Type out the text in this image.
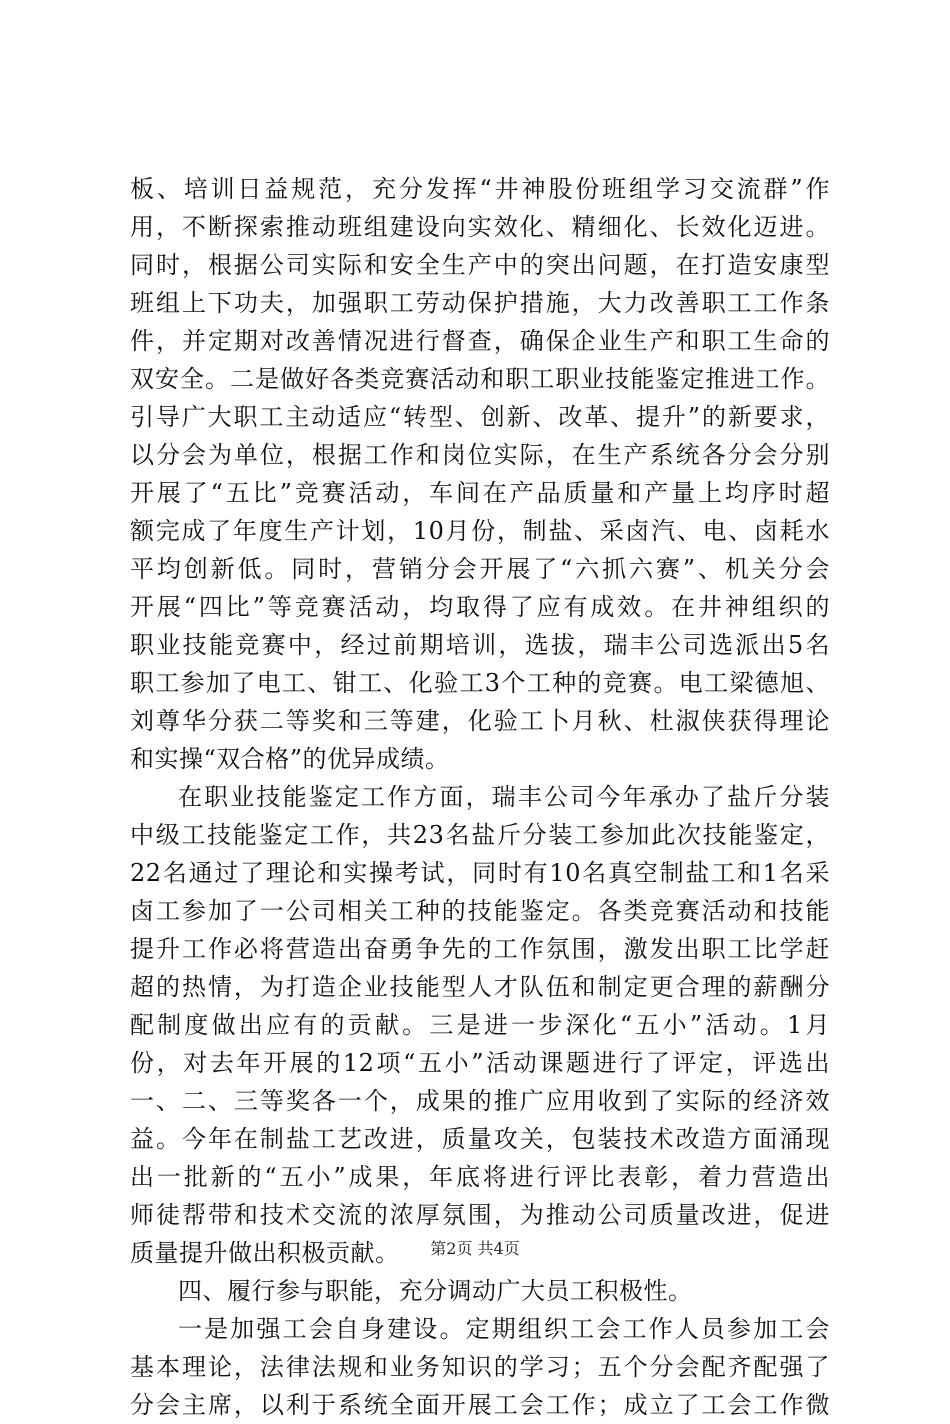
板、培训日益规范，充分发挥“井神股份班组学习交流群”作
用，不断探索推动班组建设向实效化、精细化、长效化迈进。
同时，根据公司实际和安全生产中的突出问题，在打造安康型
班组上下功夫，加强职工劳动保护措施，大力改善职工工作条
件，并定期对改善情况进行督查，确保企业生产和职工生命的
双安全。二是做好各类竞赛活动和职工职业技能鉴定推进工作。
引导广大职工主动适应“转型、创新、改革、提升”的新要求，
以分会为单位，根据工作和岗位实际，在生产系统各分会分别
开展了“五比”竞赛活动，车间在产品质量和产量上均序时超
额完成了年度生产计划，10月份，制盐、采卤汽、电、卤耗水
平均创新低。同时，营销分会开展了“六抓六赛”、机关分会
开展“四比”等竞赛活动，均取得了应有成效。在井神组织的
职业技能竞赛中，经过前期培训，选拔，瑞丰公司选派出5名
职工参加了电工、钳工、化验工3个工种的竞赛。电工梁德旭、
刘尊华分获二等奖和三等建，化验工卜月秋、杜淑侠获得理论
和实操“双合格”的优异成绩。
在职业技能鉴定工作方面，瑞丰公司今年承办了盐斤分装
中级工技能鉴定工作，共23名盐斤分装工参加此次技能鉴定，
22名通过了理论和实操考试，同时有10名真空制盐工和1名采
卤工参加了一公司相关工种的技能鉴定。各类竞赛活动和技能
提升工作必将营造出奋勇争先的工作氛围，激发出职工比学赶
超的热情，为打造企业技能型人才队伍和制定更合理的薪酬分
配制度做出应有的贡献。三是进一步深化“五小”活动。1月
份，对去年开展的12项“五小”活动课题进行了评定，评选出
一、二、三等奖各一个，成果的推广应用收到了实际的经济效
益。今年在制盐工艺改进，质量攻关，包装技术改造方面涌现
出一批新的“五小”成果，年底将进行评比表彰，着力营造出
师徒帮带和技术交流的浓厚氛围，为推动公司质量改进，促进
质量提升做出积极贡献。
四、履行参与职能，充分调动广大员工积极性。
一是加强工会自身建设。定期组织工会工作人员参加工会
基本理论，法律法规和业务知识的学习；五个分会配齐配强了
分会主席，以利于系统全面开展工会工作；成立了工会工作微
第2页 共4页
